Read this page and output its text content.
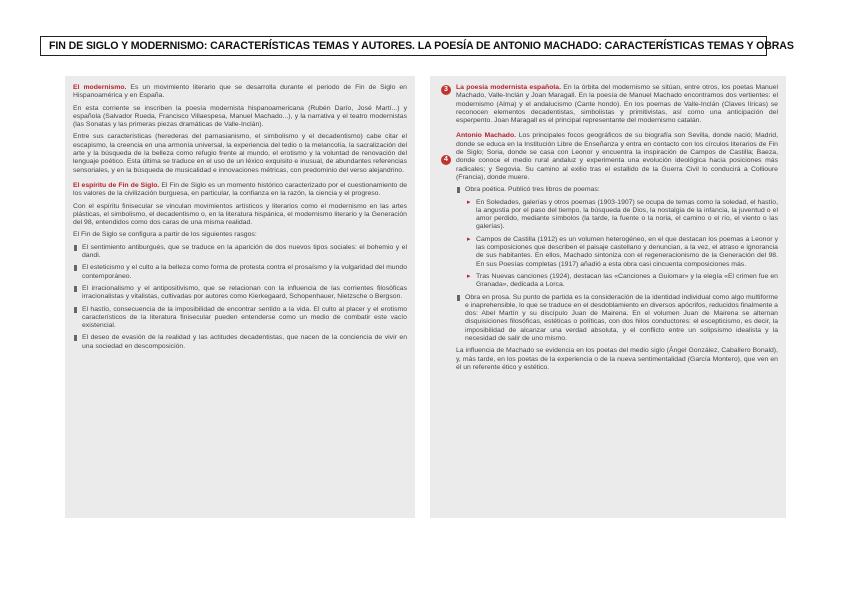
FIN DE SIGLO Y MODERNISMO: CARACTERÍSTICAS TEMAS Y AUTORES. LA POESÍA DE ANTONIO MACHADO: CARACTERÍSTICAS TEMAS Y OBRAS

El modernismo. Es un movimiento literario que se desarrolla durante el periodo de Fin de Siglo en Hispanoamérica y en España.

En esta corriente se inscriben la poesía modernista hispanoamericana (Rubén Darío, José Martí...) y española (Salvador Rueda, Francisco Villaespesa, Manuel Machado...), y la narrativa y el teatro modernistas (las Sonatas y las primeras piezas dramáticas de Valle-Inclán).

Entre sus características (herederas del parnasianismo, el simbolismo y el decadentismo) cabe citar el escapismo, la creencia en una armonía universal, la experiencia del tedio o la melancolía, la sacralización del arte y la búsqueda de la belleza como refugio frente al mundo, el erotismo y la voluntad de renovación del lenguaje poético. Esta última se traduce en el uso de un léxico exquisito e inusual, de abundantes referencias sensoriales, y en la búsqueda de musicalidad e innovaciones métricas, con predominio del verso alejandrino.

El espíritu de Fin de Siglo. El Fin de Siglo es un momento histórico caracterizado por el cuestionamiento de los valores de la civilización burguesa, en particular, la confianza en la razón, la ciencia y el progreso.

Con el espíritu finisecular se vinculan movimientos artísticos y literarios como el modernismo en las artes plásticas, el simbolismo, el decadentismo o, en la literatura hispánica, el modernismo literario y la Generación del 98, entendidos como dos caras de una misma realidad.

El Fin de Siglo se configura a partir de los siguientes rasgos:

El sentimiento antiburgués, que se traduce en la aparición de dos nuevos tipos sociales: el bohemio y el dandi.

El esteticismo y el culto a la belleza como forma de protesta contra el prosaísmo y la vulgaridad del mundo contemporáneo.

El irracionalismo y el antipositivismo, que se relacionan con la influencia de las corrientes filosóficas irracionalistas y vitalistas, cultivadas por autores como Kierkegaard, Schopenhauer, Nietzsche o Bergson.

El hastío, consecuencia de la imposibilidad de encontrar sentido a la vida. El culto al placer y el erotismo característicos de la literatura finisecular pueden entenderse como un medio de combatir este vacío existencial.

El deseo de evasión de la realidad y las actitudes decadentistas, que nacen de la conciencia de vivir en una sociedad en descomposición.

3	La poesía modernista española. En la órbita del modernismo se sitúan, entre otros, los poetas Manuel Machado, Valle-Inclán y Joan Maragall. En la poesía de Manuel Machado encontramos dos vertientes: el modernismo (Alma) y el andalucismo (Cante hondo). En los poemas de Valle-Inclán (Claves líricas) se reconocen elementos decadentistas, simbolistas y primitivistas, así como una anticipación del esperpento. Joan Maragall es el principal representante del modernismo catalán.

4

Antonio Machado. Los principales focos geográficos de su biografía son Sevilla, donde nació; Madrid, donde se educa en la Institución Libre de Enseñanza y entra en contacto con los círculos literarios de Fin de Siglo; Soria, donde se casa con Leonor y encuentra la inspiración de Campos de Castilla; Baeza, donde conoce el medio rural andaluz y experimenta una evolución ideológica hacia posiciones más radicales; y Segovia. Su camino al exilio tras el estallido de la Guerra Civil lo conducirá a Collioure (Francia), donde muere.

Obra poética. Publicó tres libros de poemas:

▸ En Soledades, galerías y otros poemas (1903-1907) se ocupa de temas como la soledad, el hastío, la angustia por el paso del tiempo, la búsqueda de Dios, la nostalgia de la infancia, la juventud o el amor perdido, mediante símbolos (la tarde, la fuente o la noria, el camino o el río, el viento o las galerías).

▸ Campos de Castilla (1912) es un volumen heterogéneo, en el que destacan los poemas a Leonor y las composiciones que describen el paisaje castellano y denuncian, a la vez, el atraso e ignorancia de sus habitantes. En ellos, Machado sintoniza con el regeneracionismo de la Generación del 98. En sus Poesías completas (1917) añadió a esta obra casi cincuenta composiciones más.

▸ Tras Nuevas canciones (1924), destacan las «Canciones a Guiomar» y la elegía «El crimen fue en Granada», dedicada a Lorca.

Obra en prosa. Su punto de partida es la consideración de la identidad individual como algo multiforme e inaprehensible, lo que se traduce en el desdoblamiento en diversos apócrifos, reducidos finalmente a dos: Abel Martín y su discípulo Juan de Mairena. En el volumen Juan de Mairena se alternan disquisiciones filosóficas, estéticas o políticas, con dos hilos conductores: el escepticismo, es decir, la imposibilidad de alcanzar una verdad absoluta, y el conflicto entre un solipsismo idealista y la necesidad de salir de uno mismo.

La influencia de Machado se evidencia en los poetas del medio siglo (Ángel González, Caballero Bonald), y, más tarde, en los poetas de la experiencia o de la nueva sentimentalidad (García Montero), que ven en él un referente ético y estético.
